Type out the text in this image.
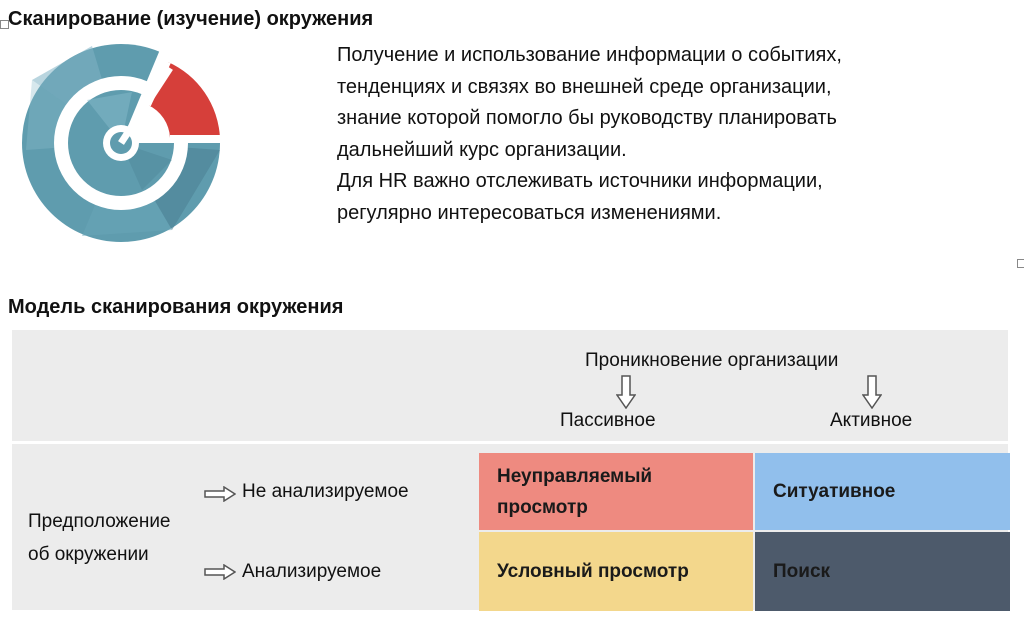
Сканирование (изучение) окружения
Получение и использование информации о событиях,
тенденциях и связях во внешней среде организации,
знание которой помогло бы руководству планировать
дальнейший курс организации.
Для HR важно отслеживать источники информации,
регулярно интересоваться изменениями.
Модель сканирования окружения
Проникновение организации
Пассивное	Активное
Предположение
об окружении
Не анализируемое
Анализируемое
Неуправляемый
просмотр
Ситуативное
Условный просмотр	Поиск
